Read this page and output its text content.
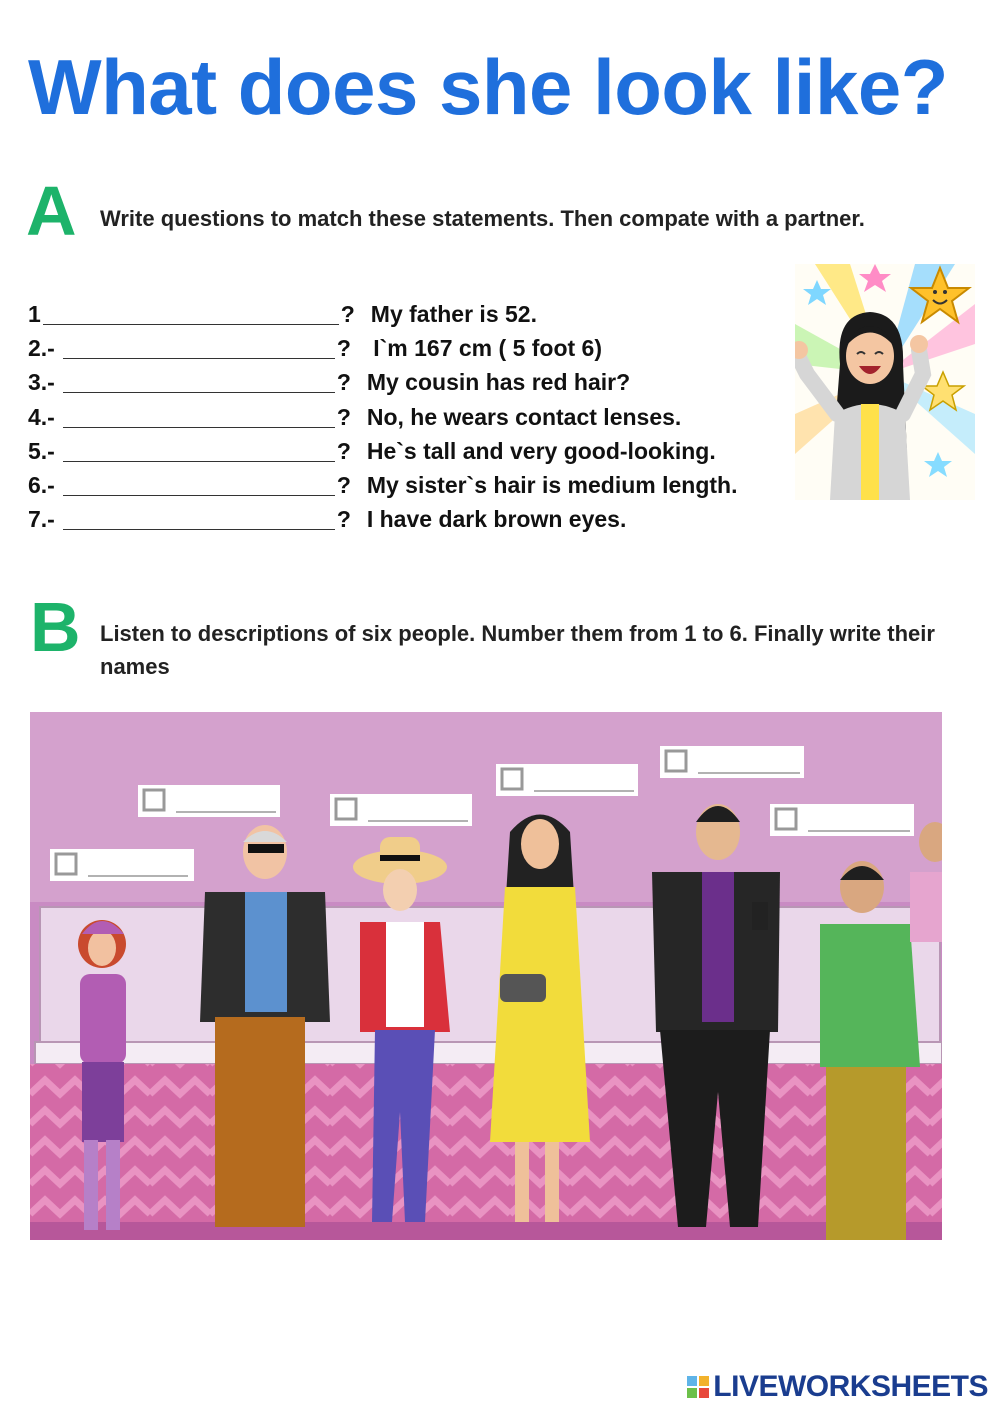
What does she look like?
A Write questions to match these statements. Then compate with a partner.
1	? My father is 52.
2.-	? I`m 167 cm ( 5 foot 6)
3.-	? My cousin has red hair?
4.-	? No, he wears contact lenses.
5.-	? He`s tall and very good-looking.
6.-	? My sister`s hair is medium length.
7.-	? I have dark brown eyes.
B Listen to descriptions of six people. Number them from 1 to 6. Finally write their names
LIVEWORKSHEETS
